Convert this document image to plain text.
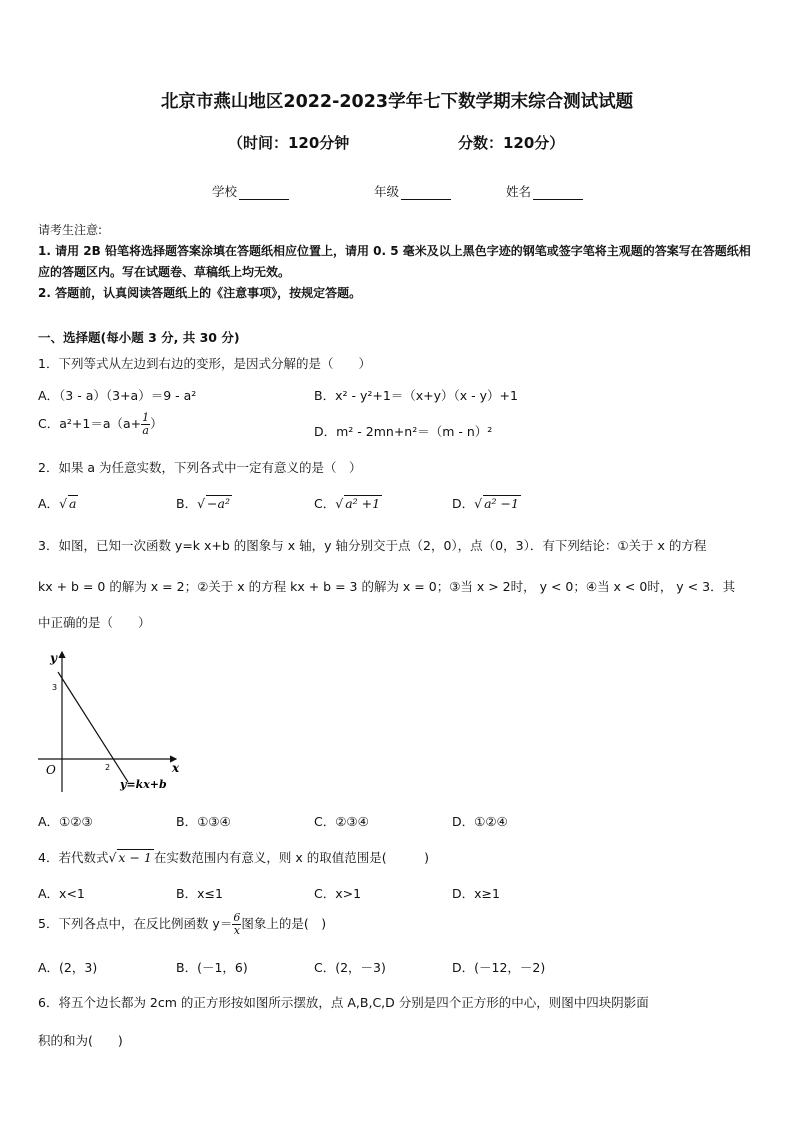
北京市燕山地区2022-2023学年七下数学期末综合测试试题
（时间：120分钟	分数：120分）
学校	年级	姓名
请考生注意:
1. 请用 2B 铅笔将选择题答案涂填在答题纸相应位置上，请用 0. 5 毫米及以上黑色字迹的钢笔或签字笔将主观题的答案写在答题纸相应的答题区内。写在试题卷、草稿纸上均无效。
2. 答题前，认真阅读答题纸上的《注意事项》，按规定答题。
一、选择题(每小题 3 分, 共 30 分)
1．下列等式从左边到右边的变形，是因式分解的是（　　）
A．（3 - a）（3+a）＝9 - a²	B．x² - y²+1＝（x+y）（x - y）+1
C．$a^2+1=a(a+ \frac{1}{a}$ ）
D．m² - 2mn+n²＝（m - n）²
2．如果 a 为任意实数，下列各式中一定有意义的是（　）
A．√ a	B．√ −a²	C．√ a² +1	D．√ a² −1
3．如图，已知一次函数 y=k x+b 的图象与 x 轴，y 轴分别交于点（2，0），点（0，3）．有下列结论：①关于 x 的方程
kx + b = 0 的解为 x = 2；②关于 x 的方程 kx + b = 3 的解为 x = 0；③当 x > 2时， y < 0；④当 x < 0时， y < 3．其
中正确的是（　　）
y
x
O
3
2
y=kx+b
A．①②③	B．①③④	C．②③④	D．①②④
4．若代数式√ x − 1 在实数范围内有意义，则 x 的取值范围是(　　　)
A．x<1	B．x≤1	C．x>1	D．x≥1
5．下列各点中，在反比例函数 $y= \frac{6}{x}$ 图象上的是(　)
A．(2，3)	B．(－1，6)	C．(2，－3)	D．(－12，－2)
6．将五个边长都为 2cm 的正方形按如图所示摆放，点 A,B,C,D 分别是四个正方形的中心，则图中四块阴影面
积的和为(　　)
